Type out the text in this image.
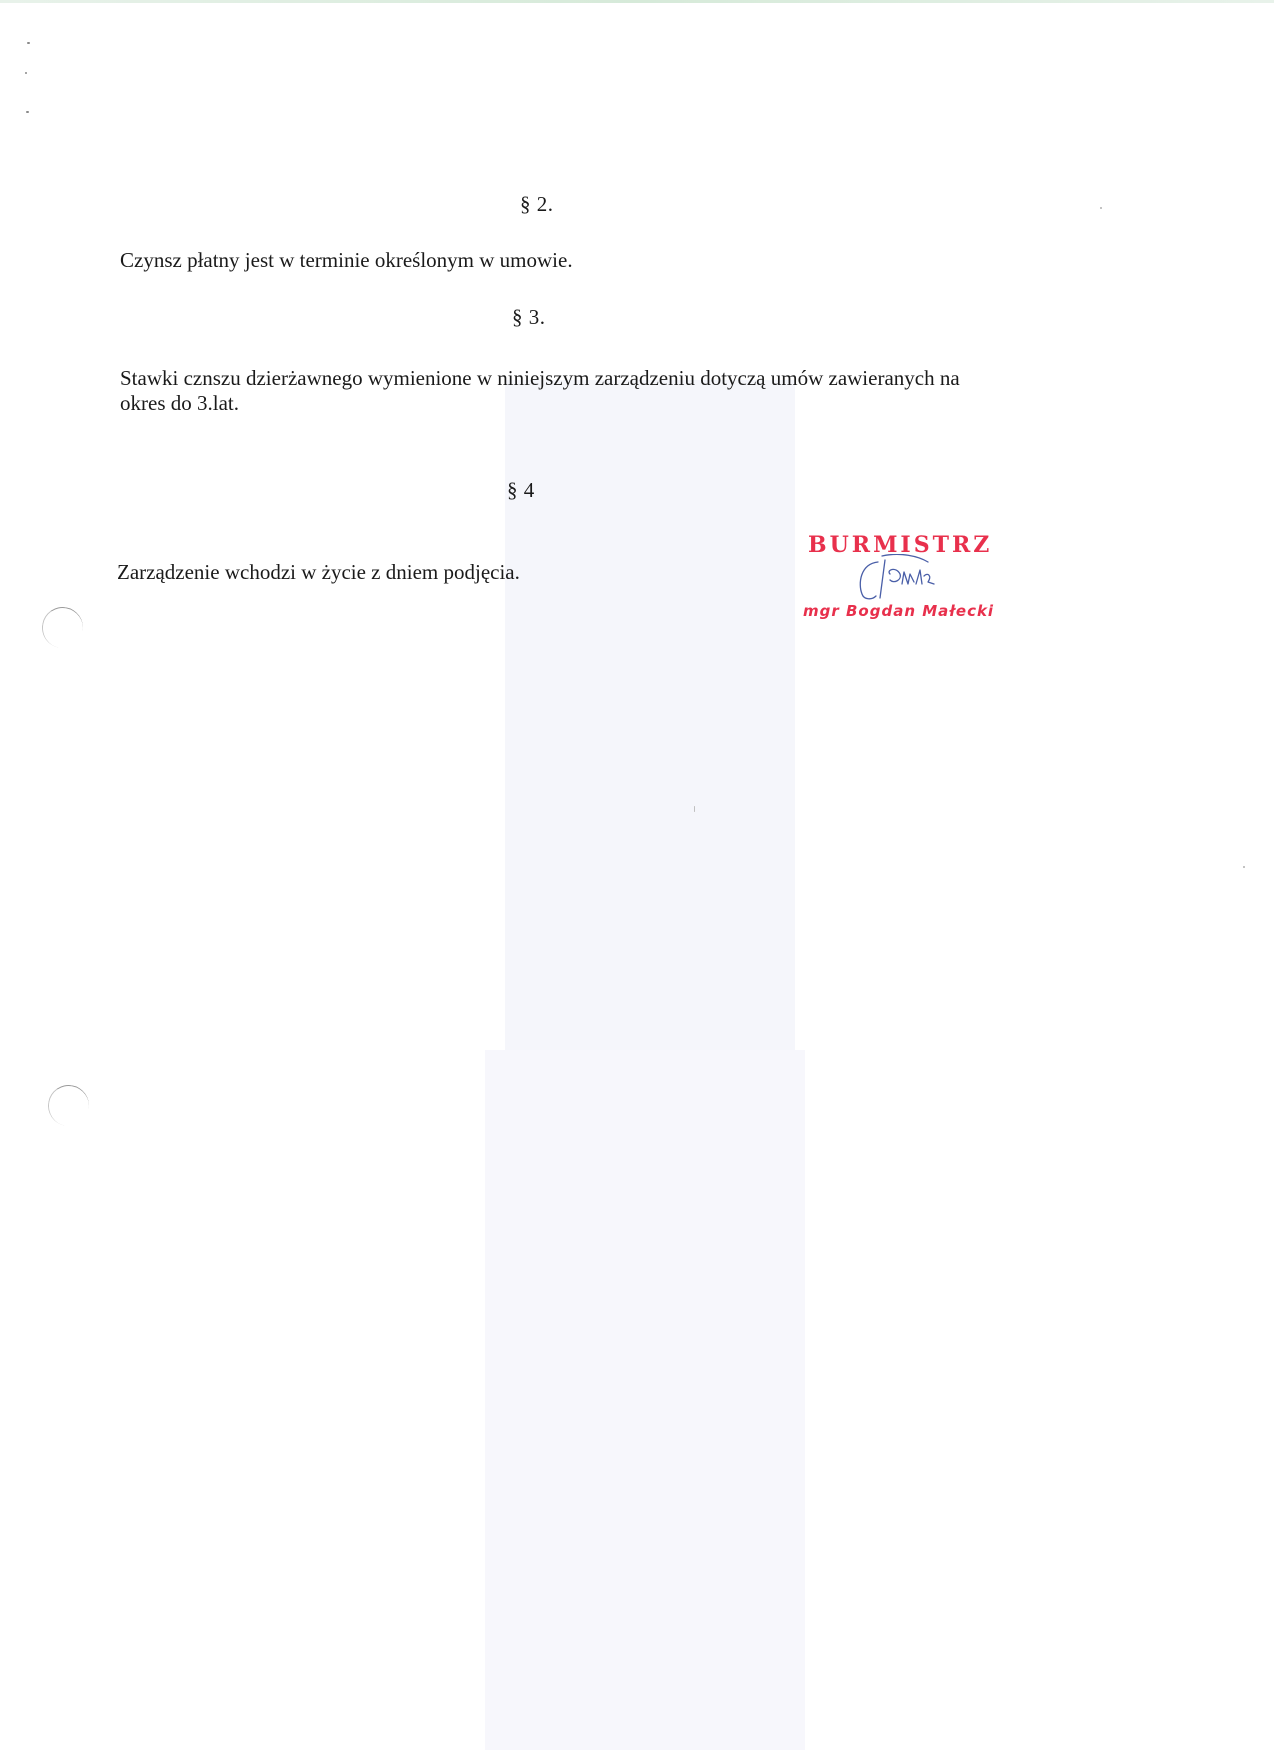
§ 2.
Czynsz płatny jest w terminie określonym w umowie.
§ 3.
Stawki cznszu dzierżawnego wymienione w niniejszym zarządzeniu dotyczą umów zawieranych na
okres do 3.lat.
§ 4
Zarządzenie wchodzi w życie z dniem podjęcia.
BURMISTRZ
mgr Bogdan Małecki
